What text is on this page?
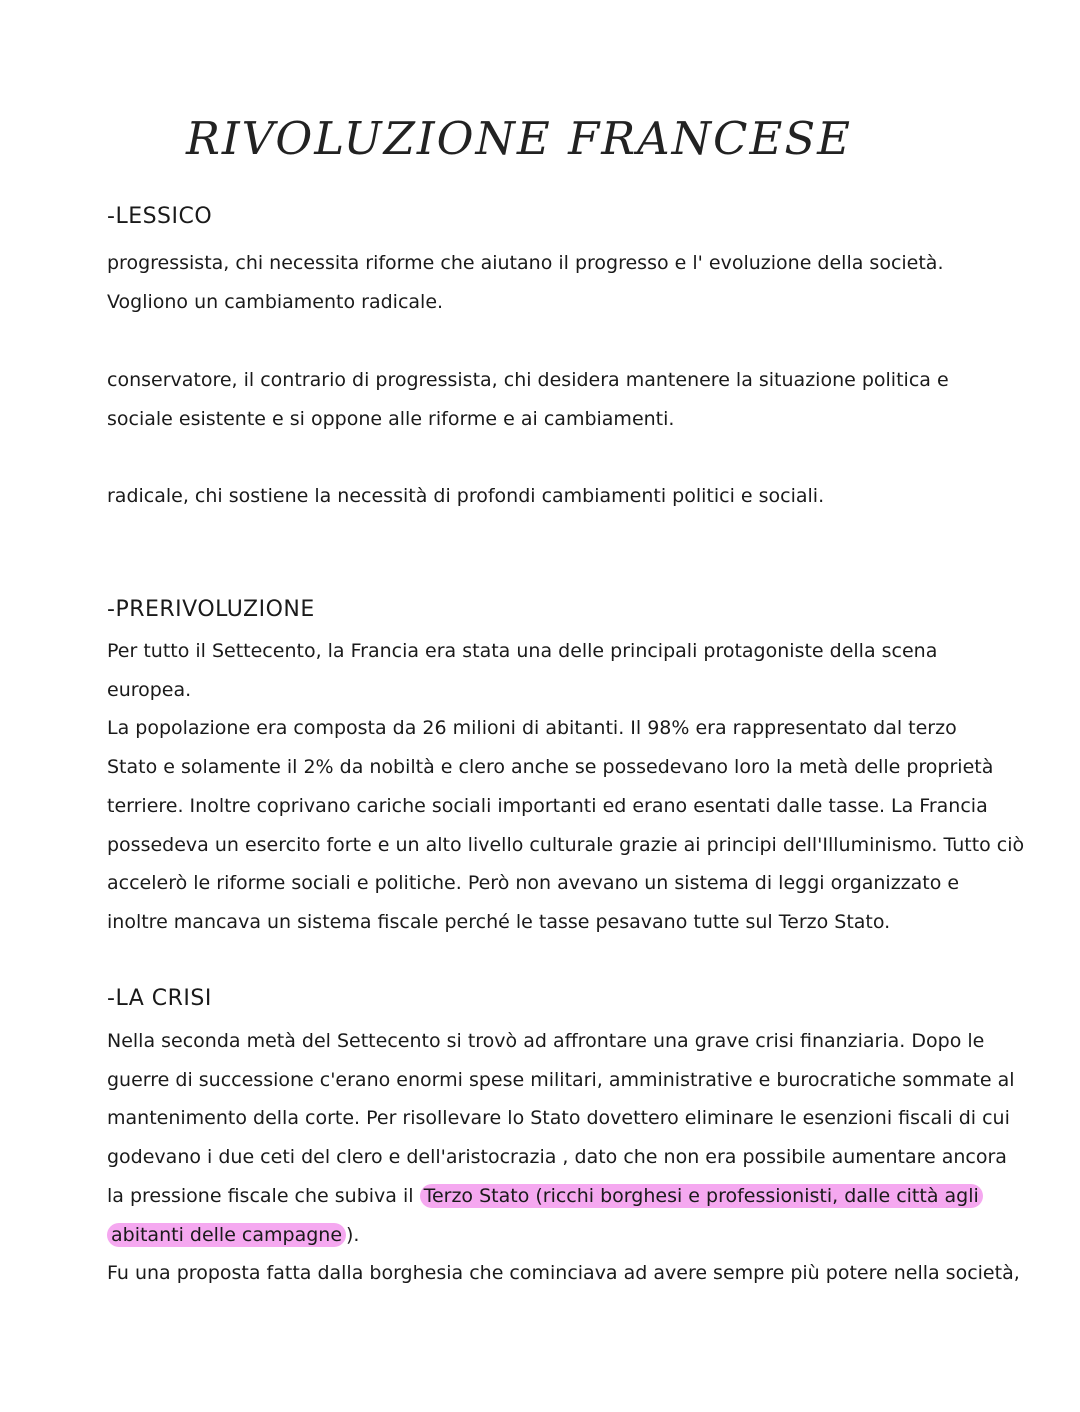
RIVOLUZIONE FRANCESE
-LESSICO
progressista, chi necessita riforme che aiutano il progresso e l' evoluzione della società.
Vogliono un cambiamento radicale.
conservatore, il contrario di progressista, chi desidera mantenere la situazione politica e
sociale esistente e si oppone alle riforme e ai cambiamenti.
radicale, chi sostiene la necessità di profondi cambiamenti politici e sociali.
-PRERIVOLUZIONE
Per tutto il Settecento, la Francia era stata una delle principali protagoniste della scena
europea.
La popolazione era composta da 26 milioni di abitanti. Il 98% era rappresentato dal terzo
Stato e solamente il 2% da nobiltà e clero anche se possedevano loro la metà delle proprietà
terriere. Inoltre coprivano cariche sociali importanti ed erano esentati dalle tasse. La Francia
possedeva un esercito forte e un alto livello culturale grazie ai principi dell'Illuminismo. Tutto ciò
accelerò le riforme sociali e politiche. Però non avevano un sistema di leggi organizzato e
inoltre mancava un sistema fiscale perché le tasse pesavano tutte sul Terzo Stato.
-LA CRISI
Nella seconda metà del Settecento si trovò ad affrontare una grave crisi finanziaria. Dopo le
guerre di successione c'erano enormi spese militari, amministrative e burocratiche sommate al
mantenimento della corte. Per risollevare lo Stato dovettero eliminare le esenzioni fiscali di cui
godevano i due ceti del clero e dell'aristocrazia , dato che non era possibile aumentare ancora
la pressione fiscale che subiva il Terzo Stato (ricchi borghesi e professionisti, dalle città agli
abitanti delle campagne ).
Fu una proposta fatta dalla borghesia che cominciava ad avere sempre più potere nella società,
